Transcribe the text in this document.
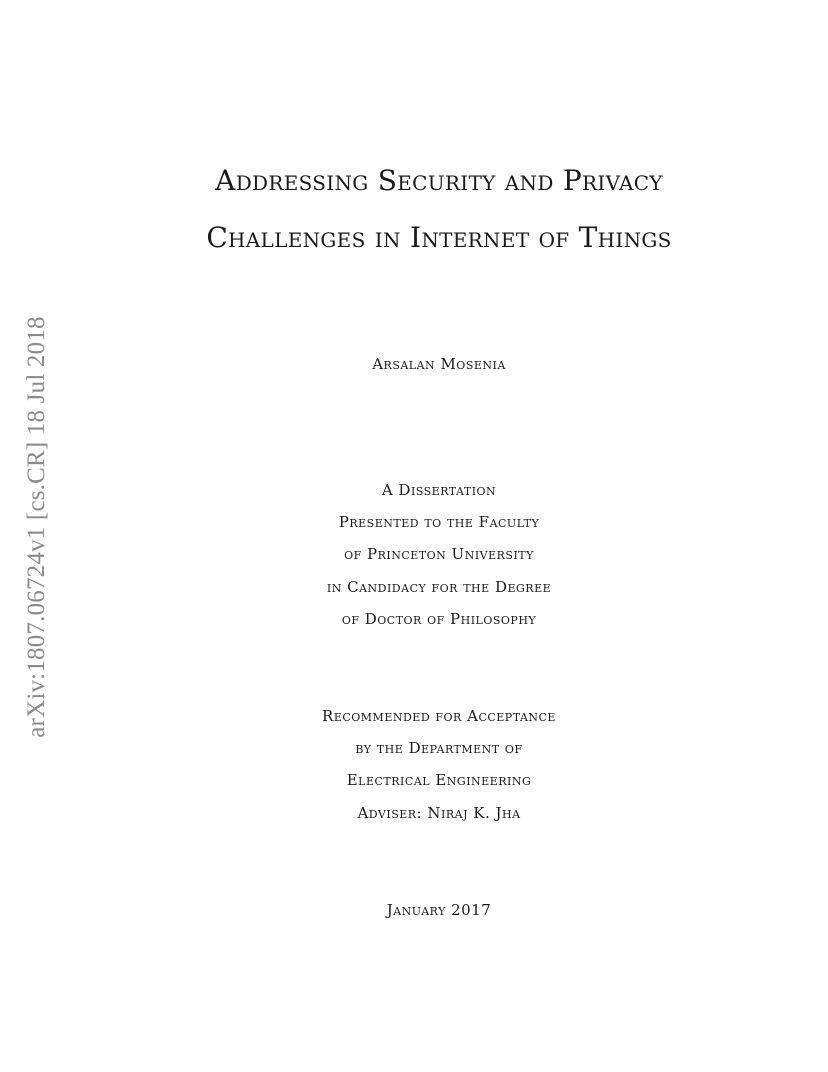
arXiv:1807.06724v1 [cs.CR] 18 Jul 2018
Addressing Security and Privacy
Challenges in Internet of Things
Arsalan Mosenia
A Dissertation
Presented to the Faculty
of Princeton University
in Candidacy for the Degree
of Doctor of Philosophy
Recommended for Acceptance
by the Department of
Electrical Engineering
Adviser: Niraj K. Jha
January 2017
